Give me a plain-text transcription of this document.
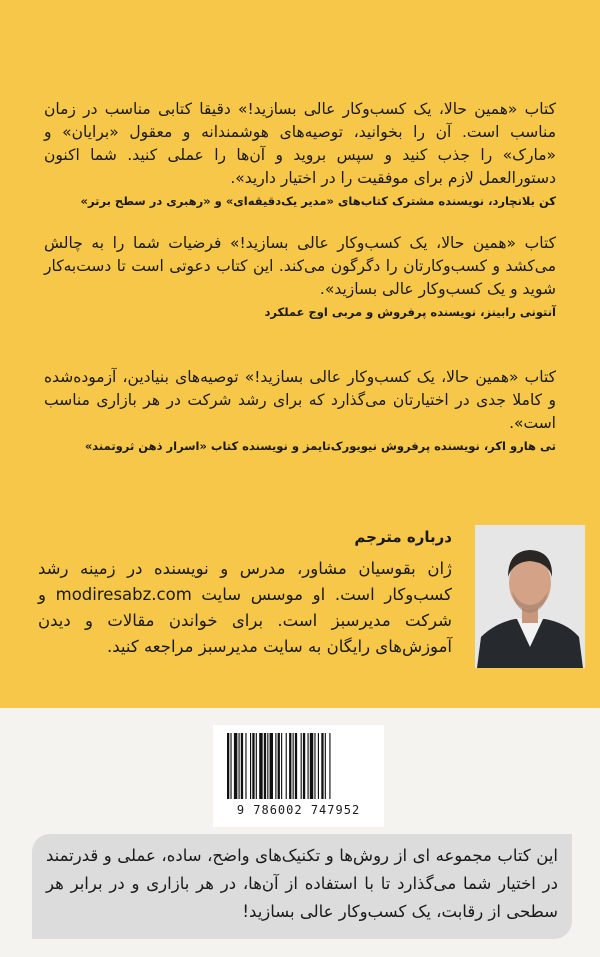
کتاب «همین حالا، یک کسب‌وکار عالی بسازید!» دقیقا کتابی مناسب در زمان مناسب است. آن را بخوانید، توصیه‌های هوشمندانه و معقول «برایان» و «مارک» را جذب کنید و سپس بروید و آن‌ها را عملی کنید. شما اکنون دستورالعمل لازم برای موفقیت را در اختیار دارید».

کن بلانچارد، نویسنده مشترک کتاب‌های «مدیر یک‌دقیقه‌ای» و «رهبری در سطح برتر»

کتاب «همین حالا، یک کسب‌وکار عالی بسازید!» فرضیات شما را به چالش می‌کشد و کسب‌وکارتان را دگرگون می‌کند. این کتاب دعوتی است تا دست‌به‌کار شوید و یک کسب‌وکار عالی بسازید».

آنتونی رابینز، نویسنده پرفروش و مربی اوج عملکرد

کتاب «همین حالا، یک کسب‌وکار عالی بسازید!» توصیه‌های بنیادین، آزموده‌شده و کاملا جدی در اختیارتان می‌گذارد که برای رشد شرکت در هر بازاری مناسب است».

تی هارو اکر، نویسنده پرفروش نیویورک‌تایمز و نویسنده کتاب «اسرار ذهن ثروتمند»
درباره مترجم
ژان بقوسیان مشاور، مدرس و نویسنده در زمینه رشد کسب‌وکار است. او موسس سایت modiresabz.com و شرکت مدیرسبز است. برای خواندن مقالات و دیدن آموزش‌های رایگان به سایت مدیرسبز مراجعه کنید.
9 786002 747952
این کتاب مجموعه ای از روش‌ها و تکنیک‌های واضح، ساده، عملی و قدرتمند در اختیار شما می‌گذارد تا با استفاده از آن‌ها، در هر بازاری و در برابر هر سطحی از رقابت، یک کسب‌وکار عالی بسازید!
